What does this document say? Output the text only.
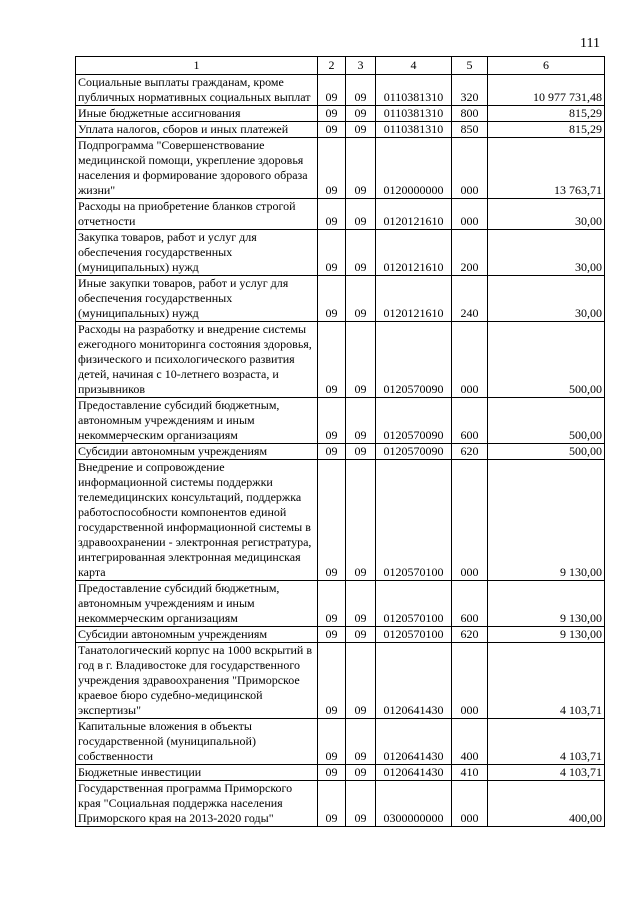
111
1	2	3	4	5	6
Социальные выплаты гражданам, кроме публичных нормативных социальных выплат	09	09	0110381310	320	10 977 731,48
Иные бюджетные ассигнования	09	09	0110381310	800	815,29
Уплата налогов, сборов и иных платежей	09	09	0110381310	850	815,29
Подпрограмма "Совершенствование медицинской помощи, укрепление здоровья населения и формирование здорового образа жизни"	09	09	0120000000	000	13 763,71
Расходы на приобретение бланков строгой отчетности	09	09	0120121610	000	30,00
Закупка товаров, работ и услуг для обеспечения государственных (муниципальных) нужд	09	09	0120121610	200	30,00
Иные закупки товаров, работ и услуг для обеспечения государственных (муниципальных) нужд	09	09	0120121610	240	30,00
Расходы на разработку и внедрение системы ежегодного мониторинга состояния здоровья, физического и психологического развития детей, начиная с 10-летнего возраста, и призывников	09	09	0120570090	000	500,00
Предоставление субсидий бюджетным, автономным учреждениям и иным некоммерческим организациям	09	09	0120570090	600	500,00
Субсидии автономным учреждениям	09	09	0120570090	620	500,00
Внедрение и сопровождение информационной системы поддержки телемедицинских консультаций, поддержка работоспособности компонентов единой государственной информационной системы в здравоохранении - электронная регистратура, интегрированная электронная медицинская карта	09	09	0120570100	000	9 130,00
Предоставление субсидий бюджетным, автономным учреждениям и иным некоммерческим организациям	09	09	0120570100	600	9 130,00
Субсидии автономным учреждениям	09	09	0120570100	620	9 130,00
Танатологический корпус на 1000 вскрытий в год в г. Владивостоке для государственного учреждения здравоохранения "Приморское краевое бюро судебно-медицинской экспертизы"	09	09	0120641430	000	4 103,71
Капитальные вложения в объекты государственной (муниципальной) собственности	09	09	0120641430	400	4 103,71
Бюджетные инвестиции	09	09	0120641430	410	4 103,71
Государственная программа Приморского края "Социальная поддержка населения Приморского края на 2013-2020 годы"	09	09	0300000000	000	400,00
